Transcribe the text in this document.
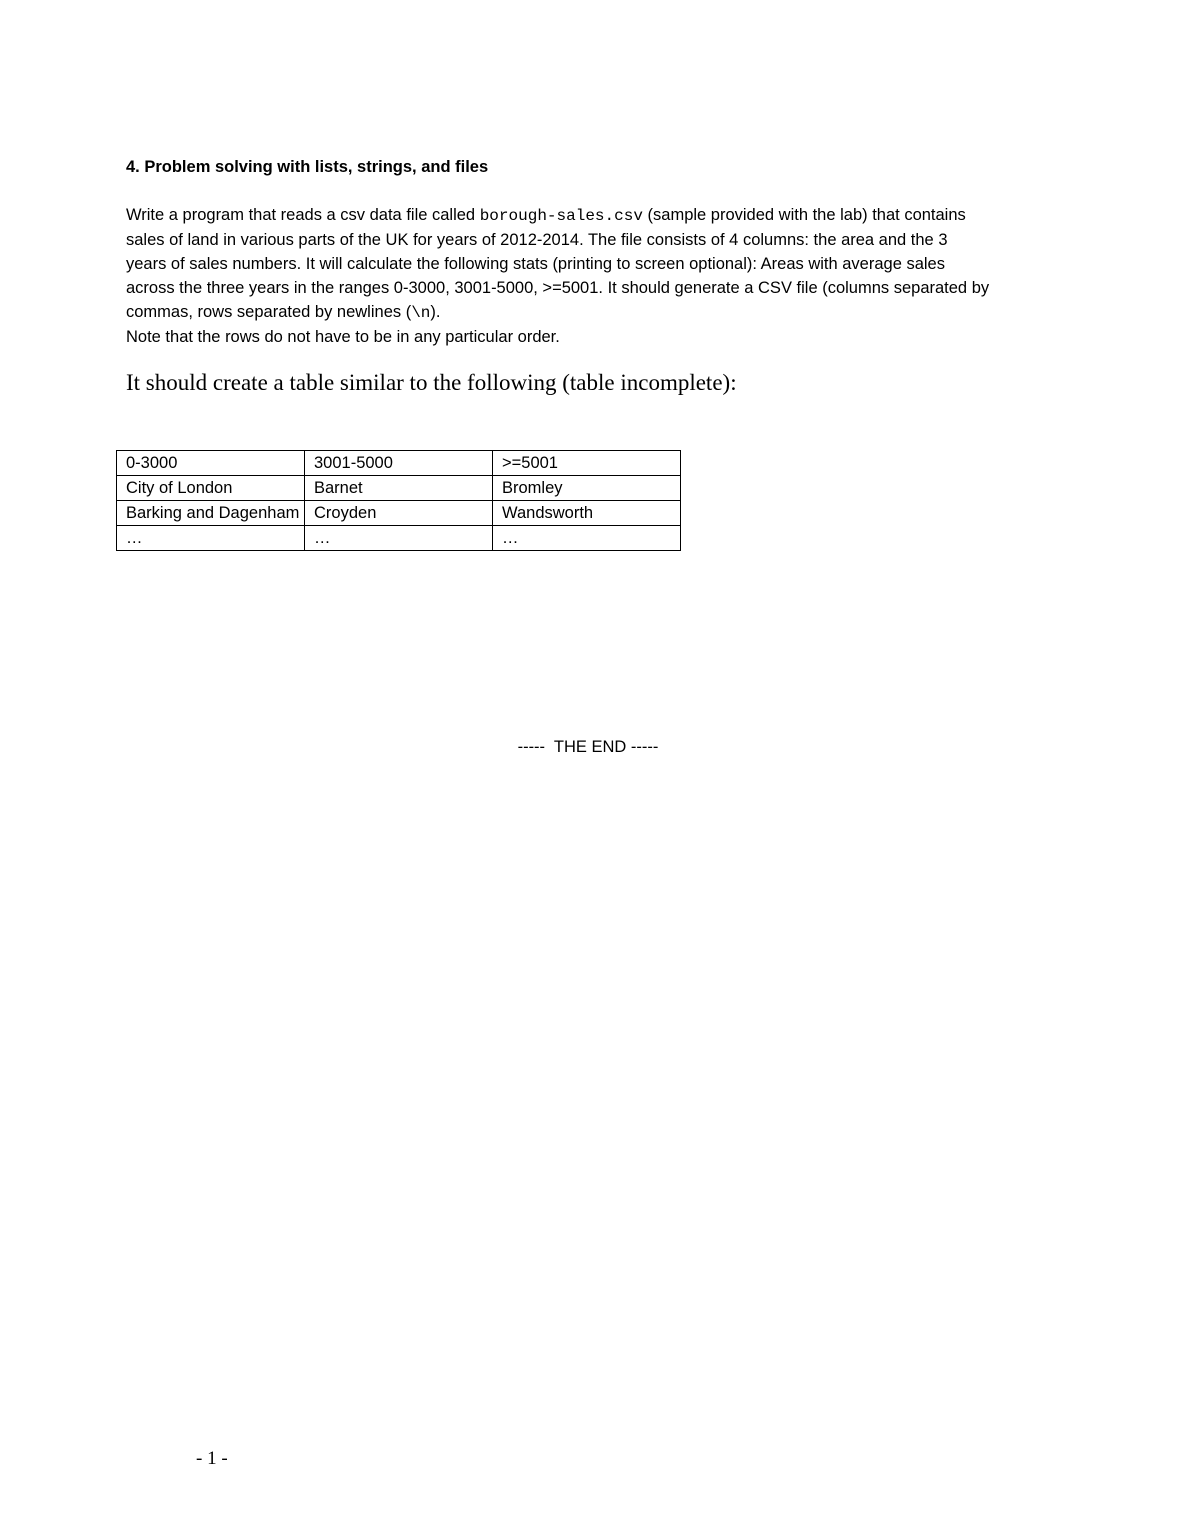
4. Problem solving with lists, strings, and files
Write a program that reads a csv data file called borough-sales.csv (sample provided with the lab) that contains
sales of land in various parts of the UK for years of 2012-2014. The file consists of 4 columns: the area and the 3
years of sales numbers. It will calculate the following stats (printing to screen optional): Areas with average sales
across the three years in the ranges 0-3000, 3001-5000, >=5001. It should generate a CSV file (columns separated by
commas, rows separated by newlines (\n).
Note that the rows do not have to be in any particular order.
It should create a table similar to the following (table incomplete):
0-3000	3001-5000	>=5001
City of London	Barnet	Bromley
Barking and Dagenham	Croyden	Wandsworth
…	…	…
-----  THE END -----
- 1 -
